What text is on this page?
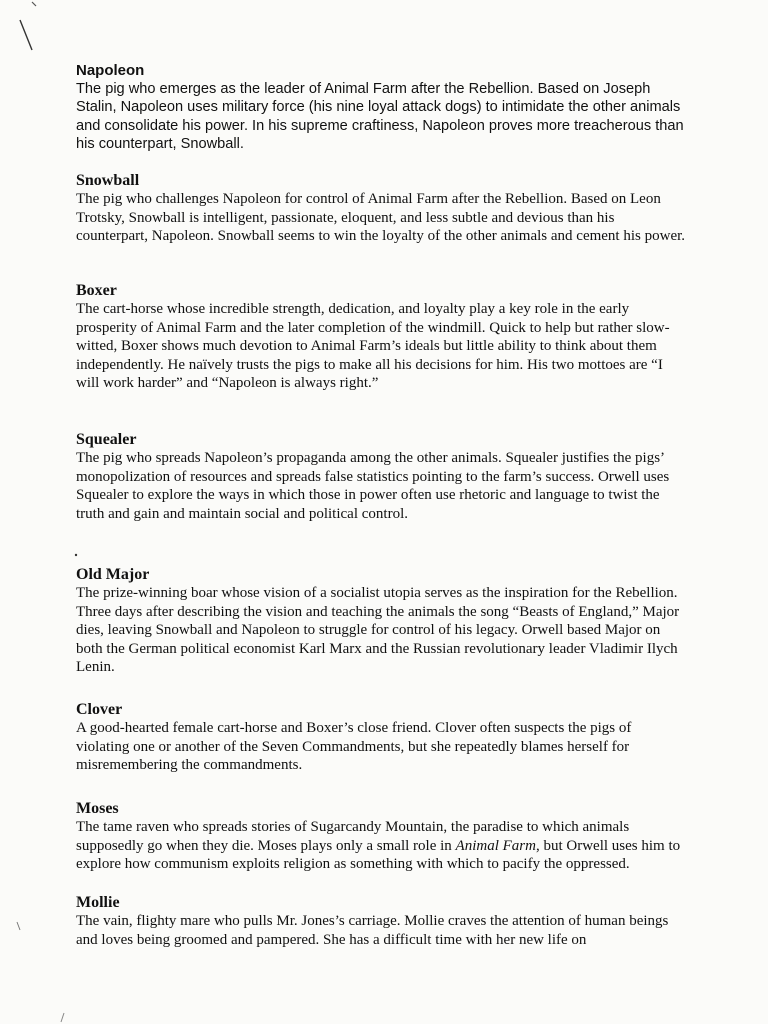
Napoleon
The pig who emerges as the leader of Animal Farm after the Rebellion. Based on Joseph Stalin, Napoleon uses military force (his nine loyal attack dogs) to intimidate the other animals and consolidate his power. In his supreme craftiness, Napoleon proves more treacherous than his counterpart, Snowball.
Snowball
The pig who challenges Napoleon for control of Animal Farm after the Rebellion. Based on Leon Trotsky, Snowball is intelligent, passionate, eloquent, and less subtle and devious than his counterpart, Napoleon. Snowball seems to win the loyalty of the other animals and cement his power.
Boxer
The cart-horse whose incredible strength, dedication, and loyalty play a key role in the early prosperity of Animal Farm and the later completion of the windmill. Quick to help but rather slow-witted, Boxer shows much devotion to Animal Farm’s ideals but little ability to think about them independently. He naïvely trusts the pigs to make all his decisions for him. His two mottoes are “I will work harder” and “Napoleon is always right.”
Squealer
The pig who spreads Napoleon’s propaganda among the other animals. Squealer justifies the pigs’ monopolization of resources and spreads false statistics pointing to the farm’s success. Orwell uses Squealer to explore the ways in which those in power often use rhetoric and language to twist the truth and gain and maintain social and political control.
Old Major
The prize-winning boar whose vision of a socialist utopia serves as the inspiration for the Rebellion. Three days after describing the vision and teaching the animals the song “Beasts of England,” Major dies, leaving Snowball and Napoleon to struggle for control of his legacy. Orwell based Major on both the German political economist Karl Marx and the Russian revolutionary leader Vladimir Ilych Lenin.
Clover
A good-hearted female cart-horse and Boxer’s close friend. Clover often suspects the pigs of violating one or another of the Seven Commandments, but she repeatedly blames herself for misremembering the commandments.
Moses
The tame raven who spreads stories of Sugarcandy Mountain, the paradise to which animals supposedly go when they die. Moses plays only a small role in Animal Farm, but Orwell uses him to explore how communism exploits religion as something with which to pacify the oppressed.
Mollie
The vain, flighty mare who pulls Mr. Jones’s carriage. Mollie craves the attention of human beings and loves being groomed and pampered. She has a difficult time with her new life on
